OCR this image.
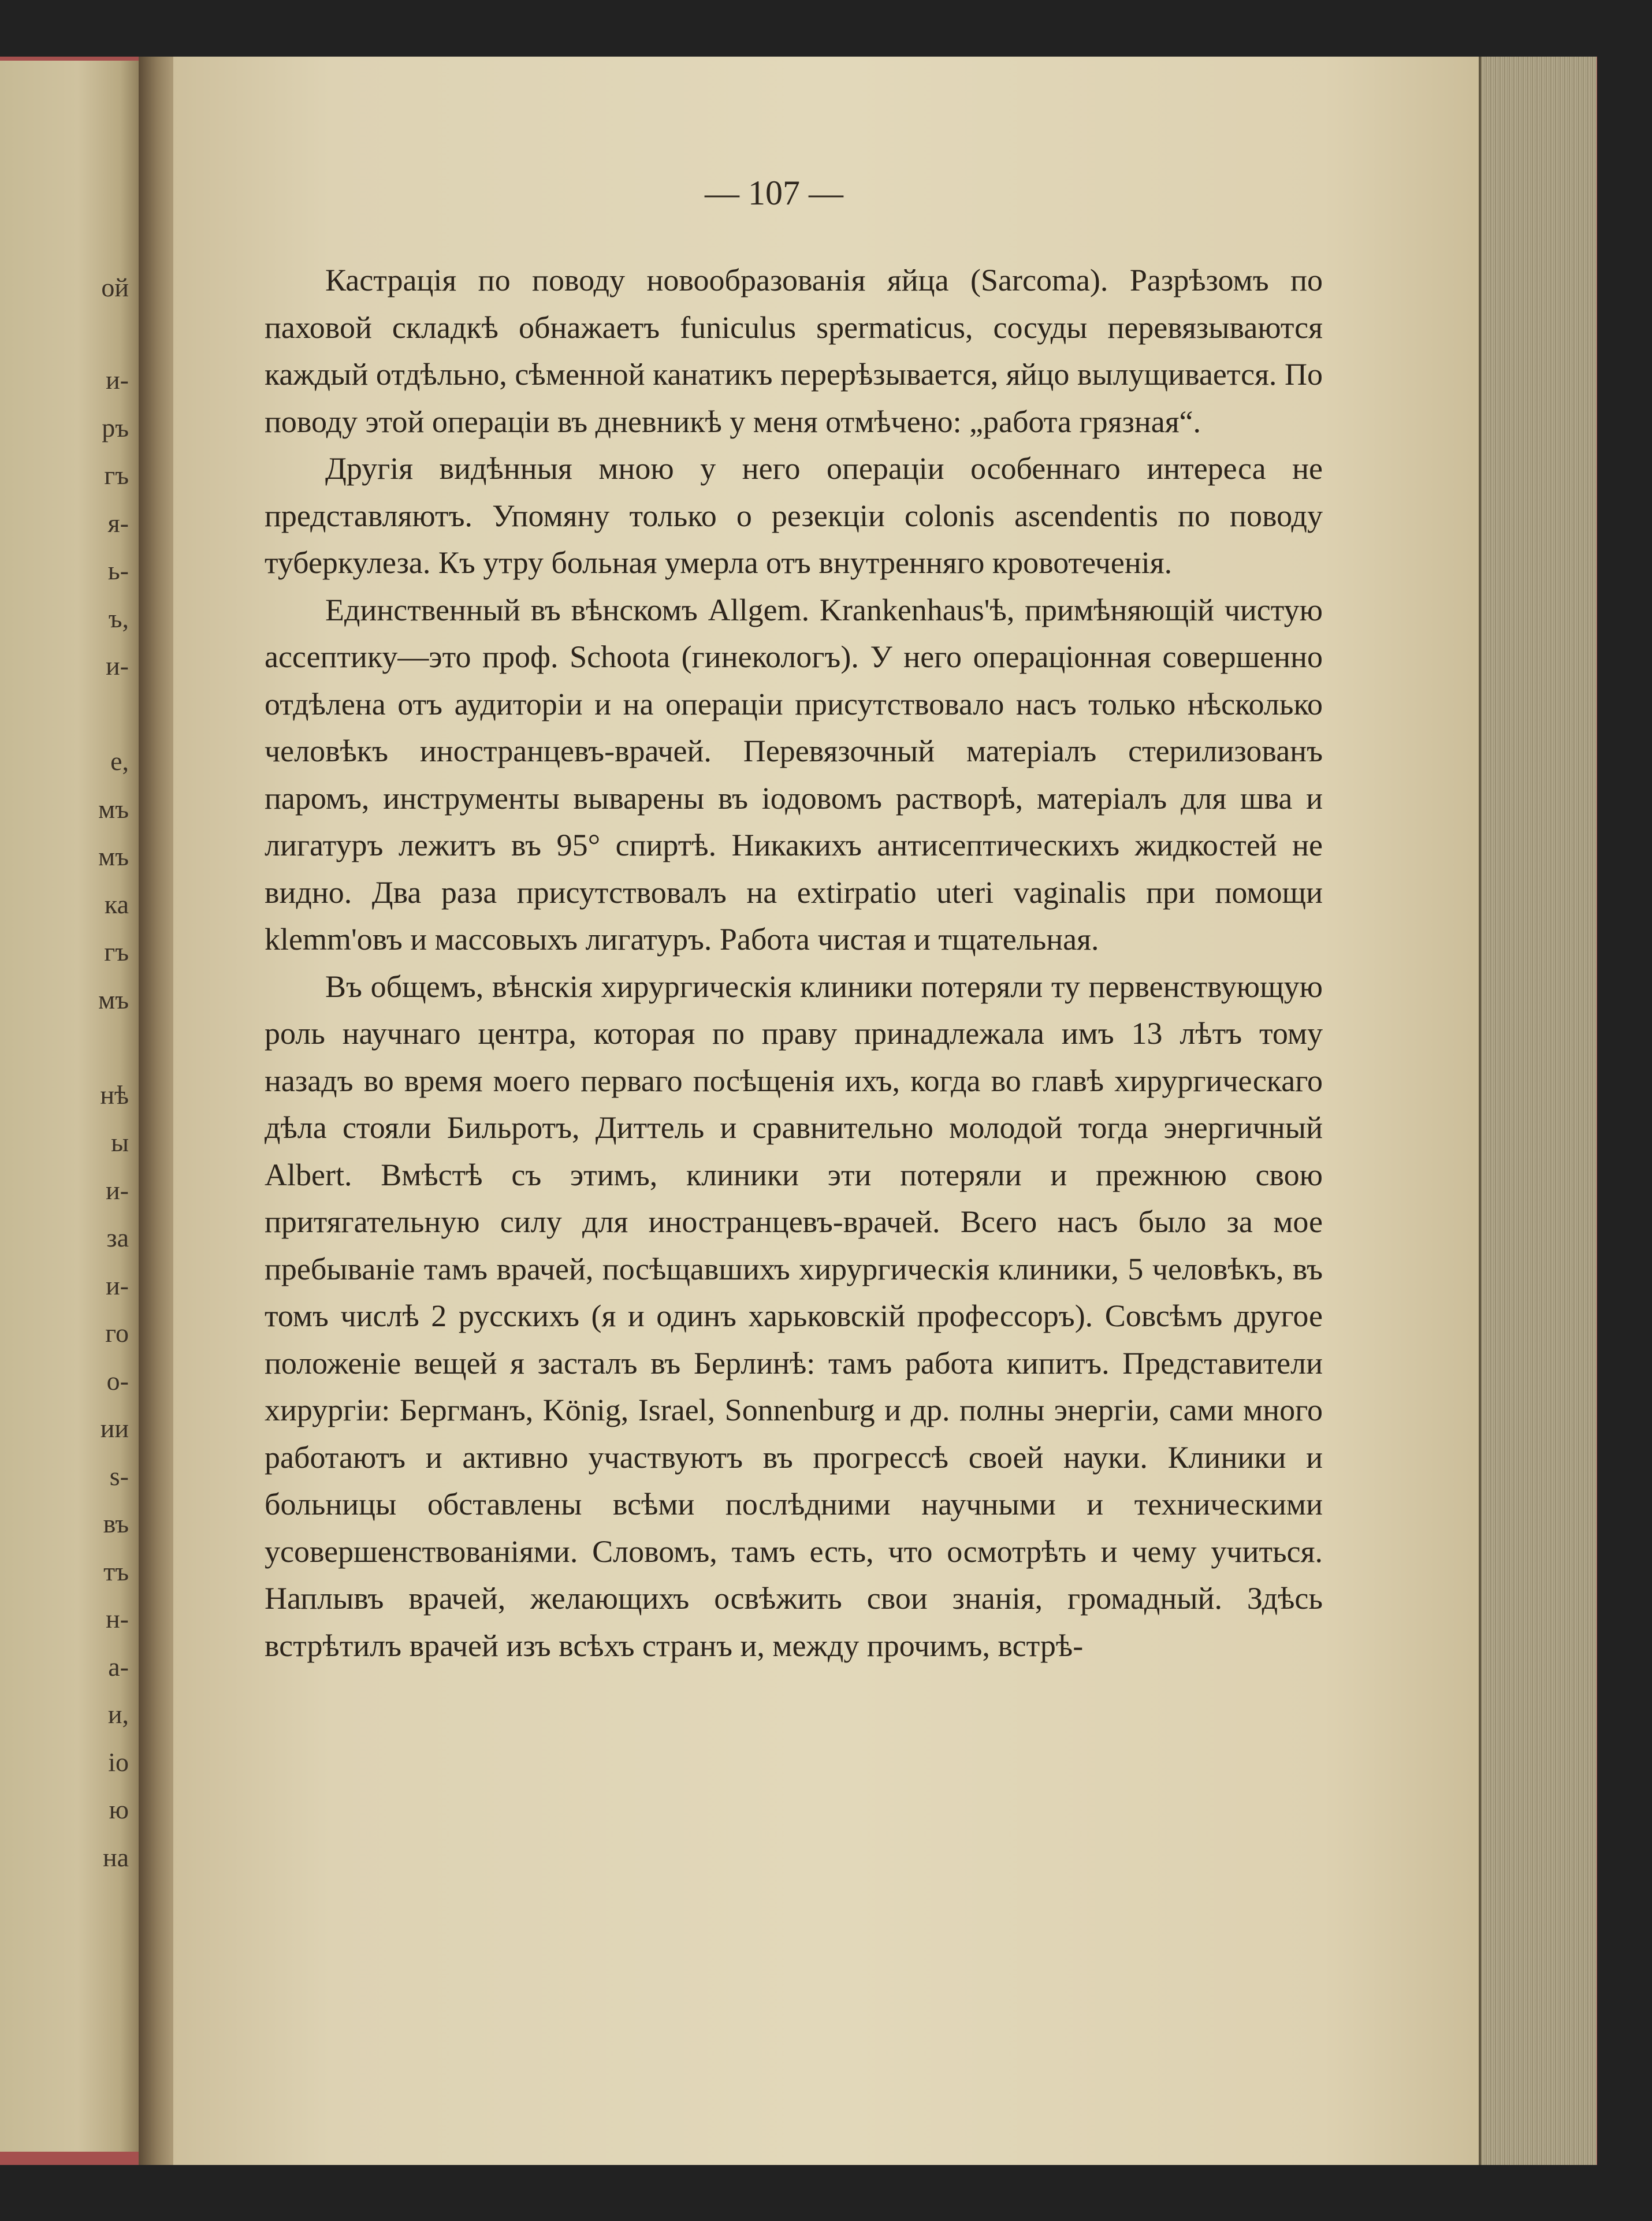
ой

и-

ръ

гъ

я-

ь-

ъ,

и-

е,

мъ

мъ

ка

гъ

мъ

нѣ

ы

и-

за

и-

го

о-

ии

s-

въ

тъ

н-

а-

и,

io

ю

на

— 107 —

Кастрація по поводу новообразованія яйца (Sarcoma). Разрѣзомъ по паховой складкѣ обнажаетъ funiculus spermaticus, сосуды перевязываются каждый отдѣльно, сѣменной канатикъ перерѣзывается, яйцо вылущивается. По поводу этой операціи въ дневникѣ у меня отмѣчено: „работа грязная“.

Другія видѣнныя мною у него операціи особеннаго интереса не представляютъ. Упомяну только о резекціи colonis ascendentis по поводу туберкулеза. Къ утру больная умерла отъ внутренняго кровотеченія.

Единственный въ вѣнскомъ Allgem. Krankenhaus'ѣ, примѣняющій чистую ассептику—это проф. Schoota (гинекологъ). У него операціонная совершенно отдѣлена отъ аудиторіи и на операціи присутствовало насъ только нѣсколько человѣкъ иностранцевъ-врачей. Перевязочный матеріалъ стерилизованъ паромъ, инструменты выварены въ іодовомъ растворѣ, матеріалъ для шва и лигатуръ лежитъ въ 95° спиртѣ. Никакихъ антисептическихъ жидкостей не видно. Два раза присутствовалъ на extirpatio uteri vaginalis при помощи klemm'овъ и массовыхъ лигатуръ. Работа чистая и тщательная.

Въ общемъ, вѣнскія хирургическія клиники потеряли ту первенствующую роль научнаго центра, которая по праву принадлежала имъ 13 лѣтъ тому назадъ во время моего перваго посѣщенія ихъ, когда во главѣ хирургическаго дѣла стояли Бильротъ, Диттель и сравнительно молодой тогда энергичный Albert. Вмѣстѣ съ этимъ, клиники эти потеряли и прежнюю свою притягательную силу для иностранцевъ-врачей. Всего насъ было за мое пребываніе тамъ врачей, посѣщавшихъ хирургическія клиники, 5 человѣкъ, въ томъ числѣ 2 русскихъ (я и одинъ харьковскій профессоръ). Совсѣмъ другое положеніе вещей я засталъ въ Берлинѣ: тамъ работа кипитъ. Представители хирургіи: Бергманъ, König, Israel, Sonnenburg и др. полны энергіи, сами много работаютъ и активно участвуютъ въ прогрессѣ своей науки. Клиники и больницы обставлены всѣми послѣдними научными и техническими усовершенствованіями. Словомъ, тамъ есть, что осмотрѣть и чему учиться. Наплывъ врачей, желающихъ освѣжить свои знанія, громадный. Здѣсь встрѣтилъ врачей изъ всѣхъ странъ и, между прочимъ, встрѣ-
